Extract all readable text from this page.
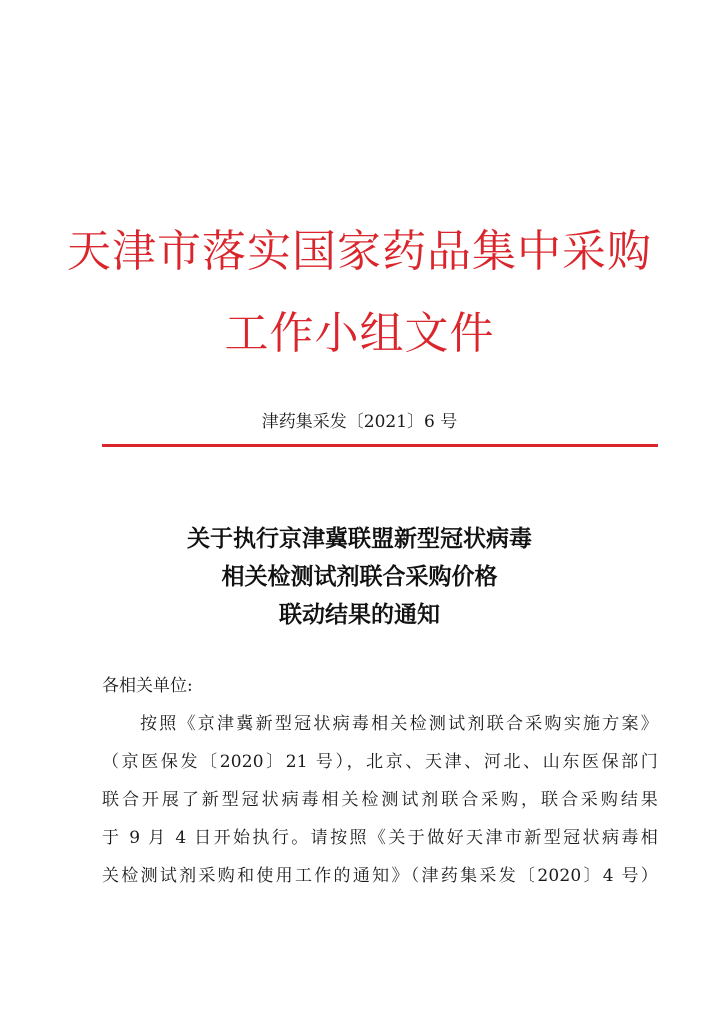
天津市落实国家药品集中采购
工作小组文件
津药集采发〔2021〕6 号
关于执行京津冀联盟新型冠状病毒
相关检测试剂联合采购价格
联动结果的通知
各相关单位:
按照《京津冀新型冠状病毒相关检测试剂联合采购实施方案》
（京医保发〔2020〕21 号），北京、天津、河北、山东医保部门
联合开展了新型冠状病毒相关检测试剂联合采购，联合采购结果
于 9 月 4 日开始执行。请按照《关于做好天津市新型冠状病毒相
关检测试剂采购和使用工作的通知》（津药集采发〔2020〕4 号）
